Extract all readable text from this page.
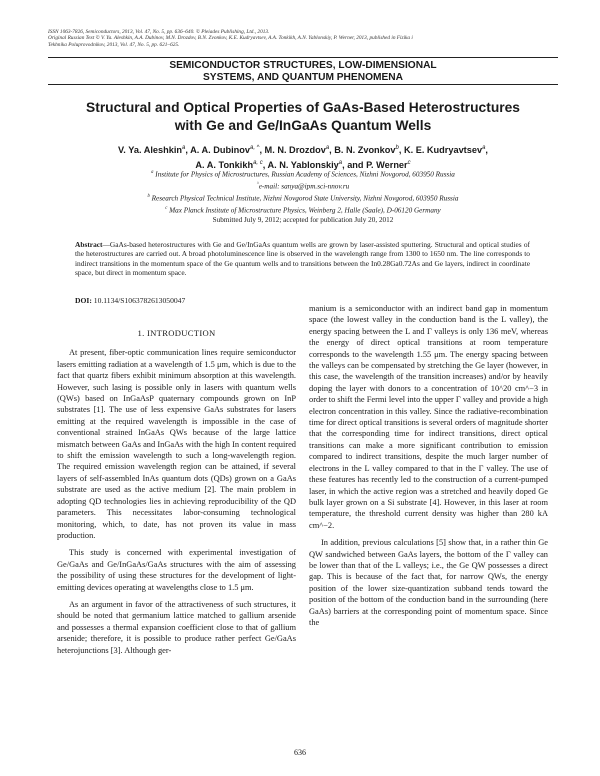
ISSN 1063-7826, Semiconductors, 2013, Vol. 47, No. 5, pp. 636–640. © Pleiades Publishing, Ltd., 2013.
Original Russian Text © V. Ya. Aleshkin, A.A. Dubinov, M.N. Drozdov, B.N. Zvonkov, K.E. Kudryavtsev, A.A. Tonkikh, A.N. Yablonskiy, P. Werner, 2013, published in Fizika i
Tekhnika Poluprovodnikov, 2013, Vol. 47, No. 5, pp. 621–625.
SEMICONDUCTOR STRUCTURES, LOW-DIMENSIONAL
SYSTEMS, AND QUANTUM PHENOMENA
Structural and Optical Properties of GaAs-Based Heterostructures
with Ge and Ge/InGaAs Quantum Wells
V. Ya. Aleshkin$^a$, A. A. Dubinov$^{a, \^{}}$, M. N. Drozdov$^a$, B. N. Zvonkov$^b$, K. E. Kudryavtsev$^a$,
A. A. Tonkikh$^{a, c}$, A. N. Yablonskiy$^a$, and P. Werner$^c$
$^a$ Institute for Physics of Microstructures, Russian Academy of Sciences, Nizhni Novgorod, 603950 Russia
^e-mail: sanya@ipm.sci-nnov.ru
$^b$ Research Physical Technical Institute, Nizhni Novgorod State University, Nizhni Novgorod, 603950 Russia
$^c$ Max Planck Institute of Microstructure Physics, Weinberg 2, Halle (Saale), D-06120 Germany
Submitted July 9, 2012; accepted for publication July 20, 2012
Abstract—GaAs-based heterostructures with Ge and Ge/InGaAs quantum wells are grown by laser-assisted sputtering. Structural and optical studies of the heterostructures are carried out. A broad photoluminescence line is observed in the wavelength range from 1300 to 1650 nm. The line corresponds to indirect transitions in the momentum space of the Ge quantum wells and to transitions between the In0.28Ga0.72As and Ge layers, indirect in coordinate space, but direct in momentum space.
DOI: 10.1134/S1063782613050047

1. INTRODUCTION

At present, fiber-optic communication lines require semiconductor lasers emitting radiation at a wavelength of 1.5 μm, which is due to the fact that quartz fibers exhibit minimum absorption at this wavelength. However, such lasing is possible only in lasers with quantum wells (QWs) based on InGaAsP quaternary compounds grown on InP substrates [1]. The use of less expensive GaAs substrates for lasers emitting at the required wavelength is impossible in the case of conventional strained InGaAs QWs because of the large lattice mismatch between GaAs and InGaAs with the high In content required to shift the emission wavelength to such a long-wavelength region. The required emission wavelength region can be attained, if several layers of self-assembled InAs quantum dots (QDs) grown on a GaAs substrate are used as the active medium [2]. The main problem in adopting QD technologies lies in achieving reproducibility of the QD parameters. This necessitates labor-consuming technological monitoring, which, to date, has not proven its value in mass production.

This study is concerned with experimental investigation of Ge/GaAs and Ge/InGaAs/GaAs structures with the aim of assessing the possibility of using these structures for the development of light-emitting devices operating at wavelengths close to 1.5 μm.

As an argument in favor of the attractiveness of such structures, it should be noted that germanium lattice matched to gallium arsenide and possesses a thermal expansion coefficient close to that of gallium arsenide; therefore, it is possible to produce rather perfect Ge/GaAs heterojunctions [3]. Although ger-

manium is a semiconductor with an indirect band gap in momentum space (the lowest valley in the conduction band is the L valley), the energy spacing between the L and Γ valleys is only 136 meV, whereas the energy of direct optical transitions at room temperature corresponds to the wavelength 1.55 μm. The energy spacing between the valleys can be compensated by stretching the Ge layer (however, in this case, the wavelength of the transition increases) and/or by heavily doping the layer with donors to a concentration of 10^20 cm^−3 in order to shift the Fermi level into the upper Γ valley and provide a high electron concentration in this valley. Since the radiative-recombination time for direct optical transitions is several orders of magnitude shorter that the corresponding time for indirect transitions, direct optical transitions can make a more significant contribution to emission compared to indirect transitions, despite the much larger number of electrons in the L valley compared to that in the Γ valley. The use of these features has recently led to the construction of a current-pumped laser, in which the active region was a stretched and heavily doped Ge bulk layer grown on a Si substrate [4]. However, in this laser at room temperature, the threshold current density was higher than 280 kA cm^−2.

In addition, previous calculations [5] show that, in a rather thin Ge QW sandwiched between GaAs layers, the bottom of the Γ valley can be lower than that of the L valleys; i.e., the Ge QW possesses a direct gap. This is because of the fact that, for narrow QWs, the energy position of the lower size-quantization subband tends toward the position of the bottom of the conduction band in the surrounding (here GaAs) barriers at the corresponding point of momentum space. Since the

636
